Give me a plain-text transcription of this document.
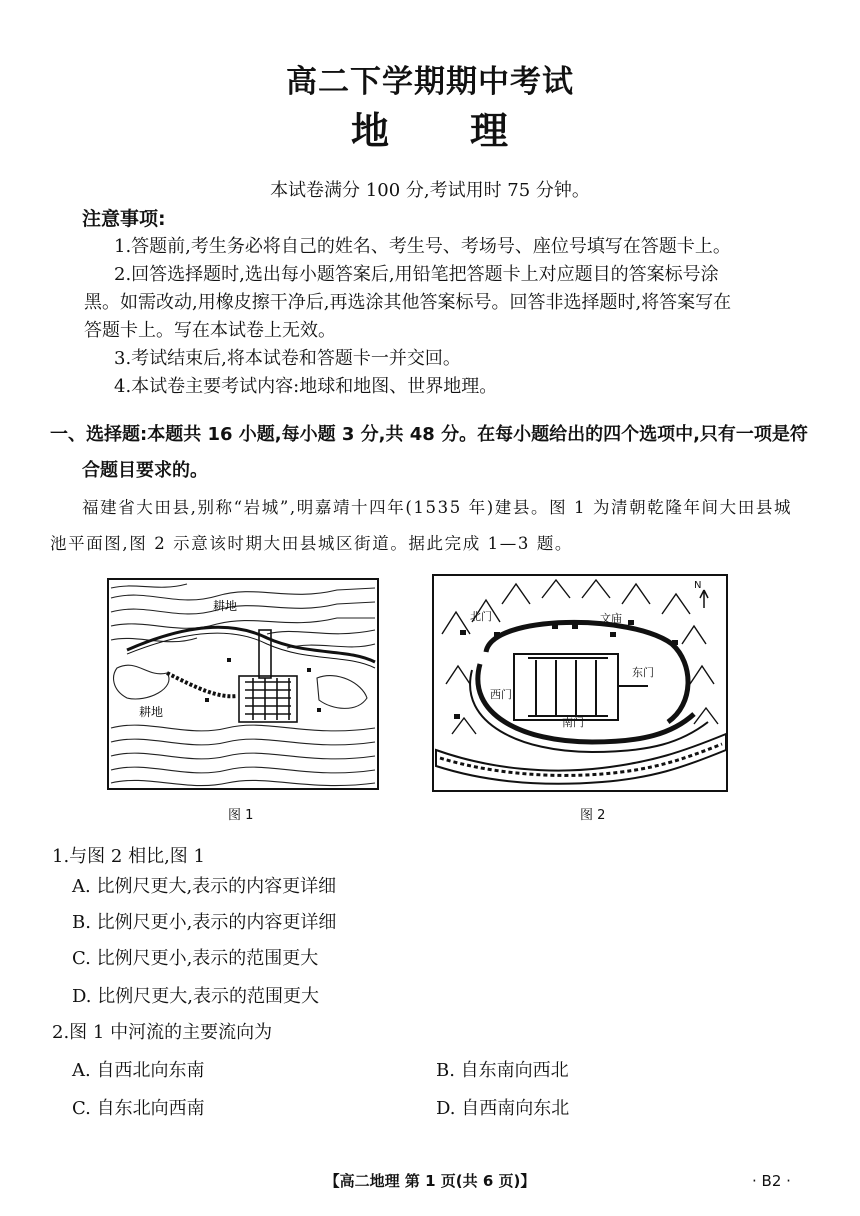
高二下学期期中考试
地 理
本试卷满分 100 分,考试用时 75 分钟。
注意事项:
1.答题前,考生务必将自己的姓名、考生号、考场号、座位号填写在答题卡上。
2.回答选择题时,选出每小题答案后,用铅笔把答题卡上对应题目的答案标号涂
黑。如需改动,用橡皮擦干净后,再选涂其他答案标号。回答非选择题时,将答案写在
答题卡上。写在本试卷上无效。
3.考试结束后,将本试卷和答题卡一并交回。
4.本试卷主要考试内容:地球和地图、世界地理。
一、选择题:本题共 16 小题,每小题 3 分,共 48 分。在每小题给出的四个选项中,只有一项是符
合题目要求的。
福建省大田县,别称“岩城”,明嘉靖十四年(1535 年)建县。图 1 为清朝乾隆年间大田县城
池平面图,图 2 示意该时期大田县城区街道。据此完成 1—3 题。
耕地
耕地
图 1
北门	文庙
东门
西门
南门
N
图 2
1.与图 2 相比,图 1
A. 比例尺更大,表示的内容更详细
B. 比例尺更小,表示的内容更详细
C. 比例尺更小,表示的范围更大
D. 比例尺更大,表示的范围更大
2.图 1 中河流的主要流向为
A. 自西北向东南	B. 自东南向西北
C. 自东北向西南	D. 自西南向东北
【高二地理 第 1 页(共 6 页)】	· B2 ·
